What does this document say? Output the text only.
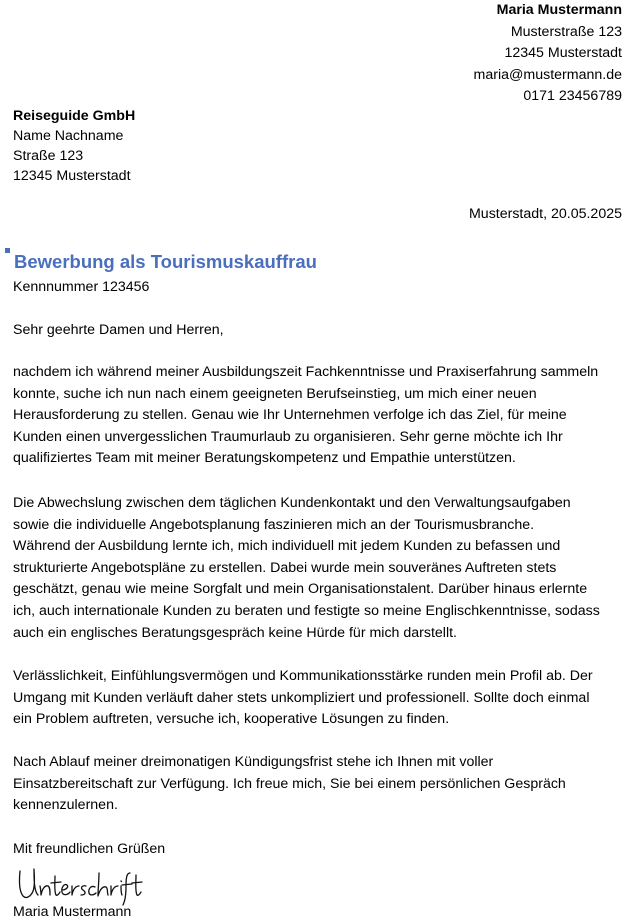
Maria Mustermann
Musterstraße 123
12345 Musterstadt
maria@mustermann.de
0171 23456789
Reiseguide GmbH
Name Nachname
Straße 123
12345 Musterstadt
Musterstadt, 20.05.2025
Bewerbung als Tourismuskauffrau
Kennnummer 123456
Sehr geehrte Damen und Herren,
nachdem ich während meiner Ausbildungszeit Fachkenntnisse und Praxiserfahrung sammeln
konnte, suche ich nun nach einem geeigneten Berufseinstieg, um mich einer neuen
Herausforderung zu stellen. Genau wie Ihr Unternehmen verfolge ich das Ziel, für meine
Kunden einen unvergesslichen Traumurlaub zu organisieren. Sehr gerne möchte ich Ihr
qualifiziertes Team mit meiner Beratungskompetenz und Empathie unterstützen.
Die Abwechslung zwischen dem täglichen Kundenkontakt und den Verwaltungsaufgaben
sowie die individuelle Angebotsplanung faszinieren mich an der Tourismusbranche.
Während der Ausbildung lernte ich, mich individuell mit jedem Kunden zu befassen und
strukturierte Angebotspläne zu erstellen. Dabei wurde mein souveränes Auftreten stets
geschätzt, genau wie meine Sorgfalt und mein Organisationstalent. Darüber hinaus erlernte
ich, auch internationale Kunden zu beraten und festigte so meine Englischkenntnisse, sodass
auch ein englisches Beratungsgespräch keine Hürde für mich darstellt.
Verlässlichkeit, Einfühlungsvermögen und Kommunikationsstärke runden mein Profil ab. Der
Umgang mit Kunden verläuft daher stets unkompliziert und professionell. Sollte doch einmal
ein Problem auftreten, versuche ich, kooperative Lösungen zu finden.
Nach Ablauf meiner dreimonatigen Kündigungsfrist stehe ich Ihnen mit voller
Einsatzbereitschaft zur Verfügung. Ich freue mich, Sie bei einem persönlichen Gespräch
kennenzulernen.
Mit freundlichen Grüßen
Maria Mustermann
